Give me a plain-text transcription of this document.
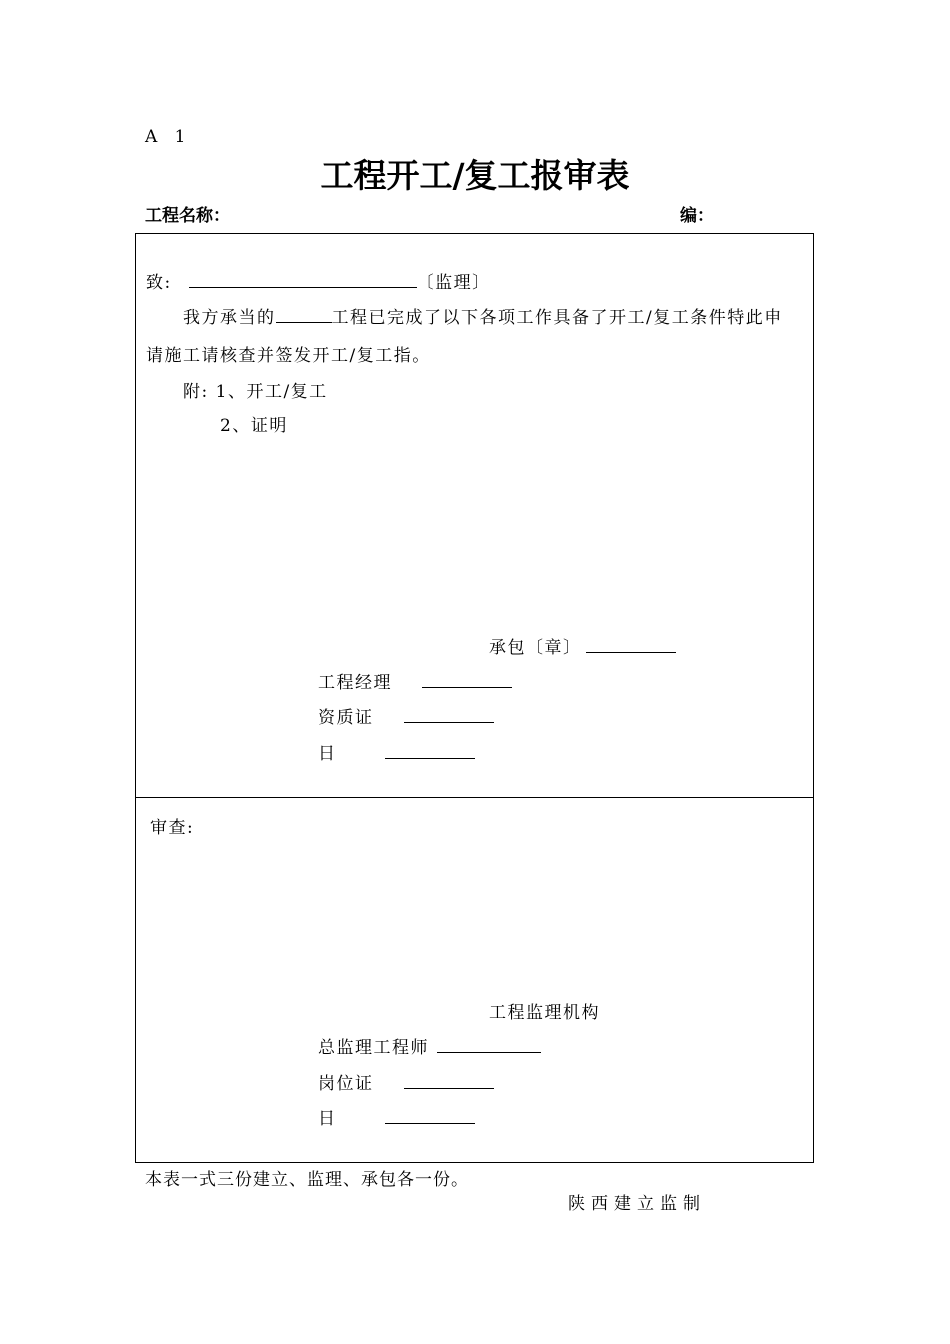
A 1
工程开工/复工报审表
工程名称：	编：
致:	〔监理〕
我方承当的	工程已完成了以下各项工作具备了开工/复工条件特此申
请施工请核查并签发开工/复工指。
附: 1、开工/复工
2、证明
承包〔章〕
工程经理
资质证
日
审查:
工程监理机构
总监理工程师
岗位证
日
本表一式三份建立、监理、承包各一份。
陕西建立监制
